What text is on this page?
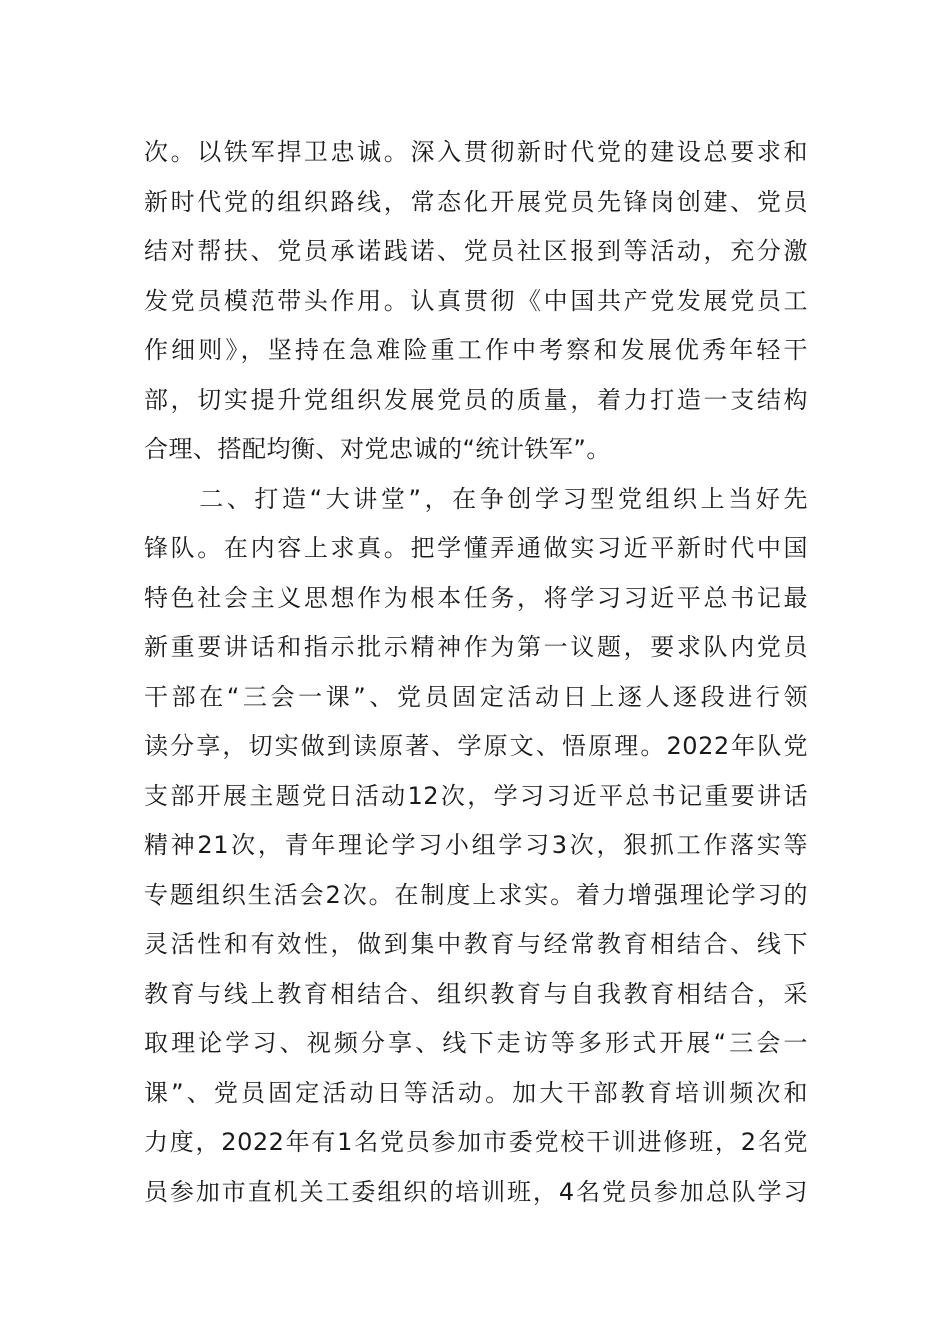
次。以铁军捍卫忠诚。深入贯彻新时代党的建设总要求和
新时代党的组织路线，常态化开展党员先锋岗创建、党员
结对帮扶、党员承诺践诺、党员社区报到等活动，充分激
发党员模范带头作用。认真贯彻《中国共产党发展党员工
作细则》，坚持在急难险重工作中考察和发展优秀年轻干
部，切实提升党组织发展党员的质量，着力打造一支结构
合理、搭配均衡、对党忠诚的“统计铁军”。
　　二、打造“大讲堂”，在争创学习型党组织上当好先
锋队。在内容上求真。把学懂弄通做实习近平新时代中国
特色社会主义思想作为根本任务，将学习习近平总书记最
新重要讲话和指示批示精神作为第一议题，要求队内党员
干部在“三会一课”、党员固定活动日上逐人逐段进行领
读分享，切实做到读原著、学原文、悟原理。2022年队党
支部开展主题党日活动12次，学习习近平总书记重要讲话
精神21次，青年理论学习小组学习3次，狠抓工作落实等
专题组织生活会2次。在制度上求实。着力增强理论学习的
灵活性和有效性，做到集中教育与经常教育相结合、线下
教育与线上教育相结合、组织教育与自我教育相结合，采
取理论学习、视频分享、线下走访等多形式开展“三会一
课”、党员固定活动日等活动。加大干部教育培训频次和
力度，2022年有1名党员参加市委党校干训进修班，2名党
员参加市直机关工委组织的培训班，4名党员参加总队学习
